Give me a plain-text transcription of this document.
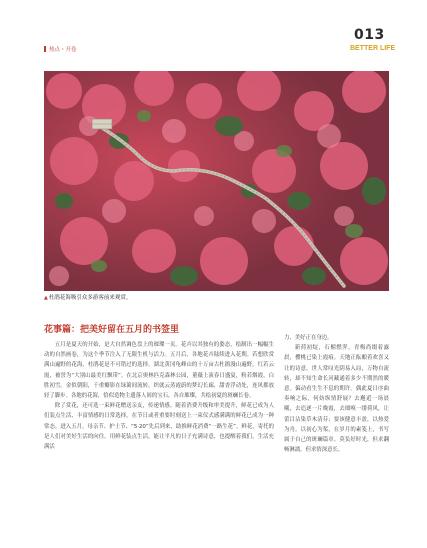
热点・开卷
013
BETTER LIFE
▲杜鹃花海吸引众多游客前来观赏。
花事篇：把美好留在五月的书签里

五月是夏天的开始，是大自然调色盘上的璀璨一页。花卉以其独有的姿态，绘制出一幅幅生动的自然画卷，为这个季节注入了无限生机与活力。五月后，各地花卉陆续进入花期。若想欣赏满山遍野的花海，杜鹃花是不可错过的选择。湖北黄冈龟峰山的十万亩古杜鹃漫山遍野，红若云霞，被誉为“大别山最美红飘带”。在北京奥林匹克森林公园，董薇上演春日盛宴，粉若烟霞，白胜初雪。金似朝阳，千重瓣影在绿篱间流转，织就云蒸霞蔚的梦幻长廊，甜香浮动处，连风都放轻了脚步。各地的花海，恰似造物主遗落人间的宝石，各自璀璨，共绘初夏的斑斓长卷。

除了赏花，还可选一束鲜花赠送亲友，传递情感。随着消费升级和审美提升，鲜花已成为人们装点生活、丰富情感的日常选择，在节日或者重要时刻送上一束仪式感满满的鲜花已成为一种常态。进入五月，母亲节、护士节、“5·20”先后到来，助推鲜花消费“一路生花”。鲜花，寄托的是人们对美好生活的向往。用鲜花装点生活，能让平凡的日子充满诗意，也提醒着我们，生活充满活

力，美好正在身边。

新荷初绽，石榴燃霁，青梅尚缀着露晨，樱桃已染上霞痕。天地正酝酿着欢喜又让的诗意。世人常叹光阴易入局，万物自流转，却不知生命长河藏通着多少不期然的暖意。偏动看生生不息的期许。偶此夏日序曲奏响之际，何妨纵情舒展？去邂逅一场晨曦，去追逐一片晚霞，去细嗅一缕荷风，让蕾目沾染草木清芬；要该健意丰盈，以热爱为舟，以初心为桨，在岁月的素笺上，书写属于自己的斑斓篇章。莫负好时光，但求翻畅淋漓，但求情深意长。
